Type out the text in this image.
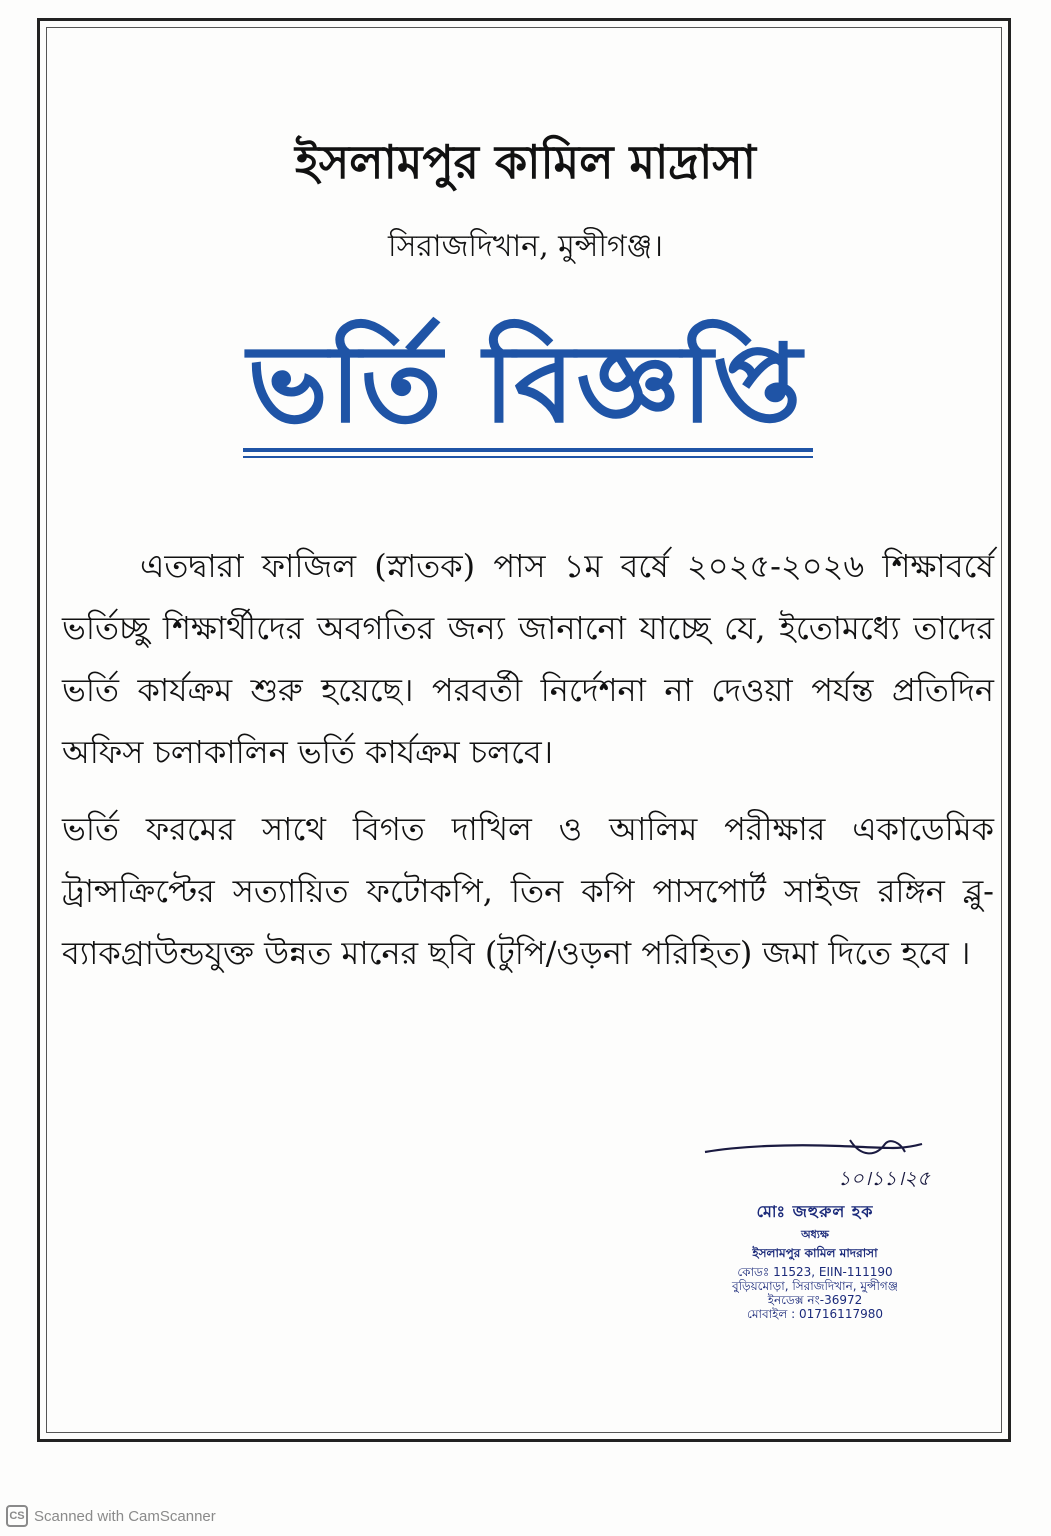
ইসলামপুর কামিল মাদ্রাসা
সিরাজদিখান, মুন্সীগঞ্জ।
ভর্তি বিজ্ঞপ্তি

এতদ্বারা ফাজিল (স্নাতক) পাস ১ম বর্ষে ২০২৫-২০২৬ শিক্ষাবর্ষে ভর্তিচ্ছু শিক্ষার্থীদের অবগতির জন্য জানানো যাচ্ছে যে, ইতোমধ্যে তাদের ভর্তি কার্যক্রম শুরু হয়েছে। পরবর্তী নির্দেশনা না দেওয়া পর্যন্ত প্রতিদিন অফিস চলাকালিন ভর্তি কার্যক্রম চলবে।

ভর্তি ফরমের সাথে বিগত দাখিল ও আলিম পরীক্ষার একাডেমিক ট্রান্সক্রিপ্টের সত্যায়িত ফটোকপি, তিন কপি পাসপোর্ট সাইজ রঙ্গিন ব্লু-ব্যাকগ্রাউন্ডযুক্ত উন্নত মানের ছবি (টুপি/ওড়না পরিহিত) জমা দিতে হবে ।

১০।১১।২৫
মোঃ জহুরুল হক
অধ্যক্ষ
ইসলামপুর কামিল মাদরাসা
কোডঃ 11523, EIIN-111190
বুড়িয়মোড়া, সিরাজদিখান, মুন্সীগঞ্জ
ইনডেক্স নং-36972
মোবাইল : 01716117980
CS Scanned with CamScanner
